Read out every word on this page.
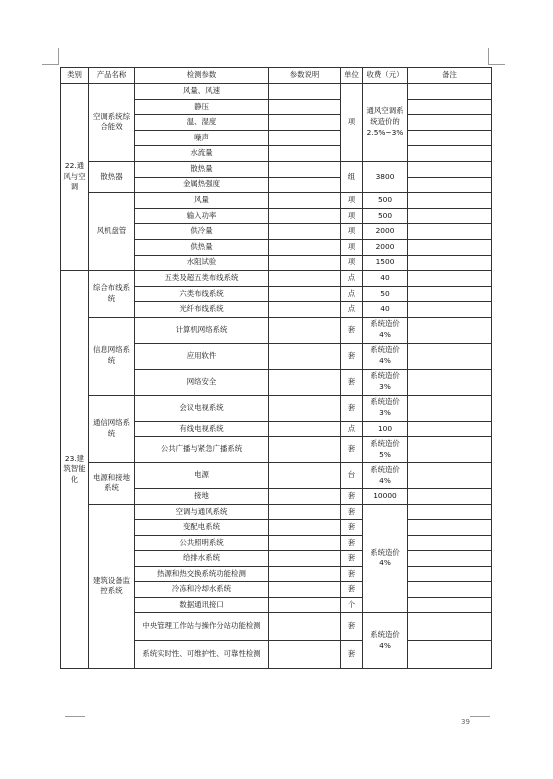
类别	产品名称	检测参数	参数说明	单位	收费（元）	备注
22.通风与空调	空调系统综合能效	风量、风速		项	通风空调系统造价的2.5%~3%	
		静压				
		温、湿度				
		噪声				
		水流量				
	散热器	散热量		组	3800	
		金属热强度				
	风机盘管	风量		项	500	
		输入功率		项	500	
		供冷量		项	2000	
		供热量		项	2000	
		水阻试验		项	1500	
23.建筑智能化	综合布线系统	五类及超五类布线系统		点	40	
		六类布线系统		点	50	
		光纤布线系统		点	40	
	信息网络系统	计算机网络系统		套	系统造价4%	
		应用软件		套	系统造价4%	
		网络安全		套	系统造价3%	
	通信网络系统	会议电视系统		套	系统造价3%	
		有线电视系统		点	100	
		公共广播与紧急广播系统		套	系统造价5%	
	电源和接地系统	电源		台	系统造价4%	
		接地		套	10000	
	建筑设备监控系统	空调与通风系统		套	系统造价4%	
		变配电系统		套		
		公共照明系统		套		
		给排水系统		套		
		热源和热交换系统功能检测		套		
		冷冻和冷却水系统		套		
		数据通讯接口		个		
		中央管理工作站与操作分站功能检测		套	系统造价4%	
		系统实时性、可维护性、可靠性检测		套		
39
